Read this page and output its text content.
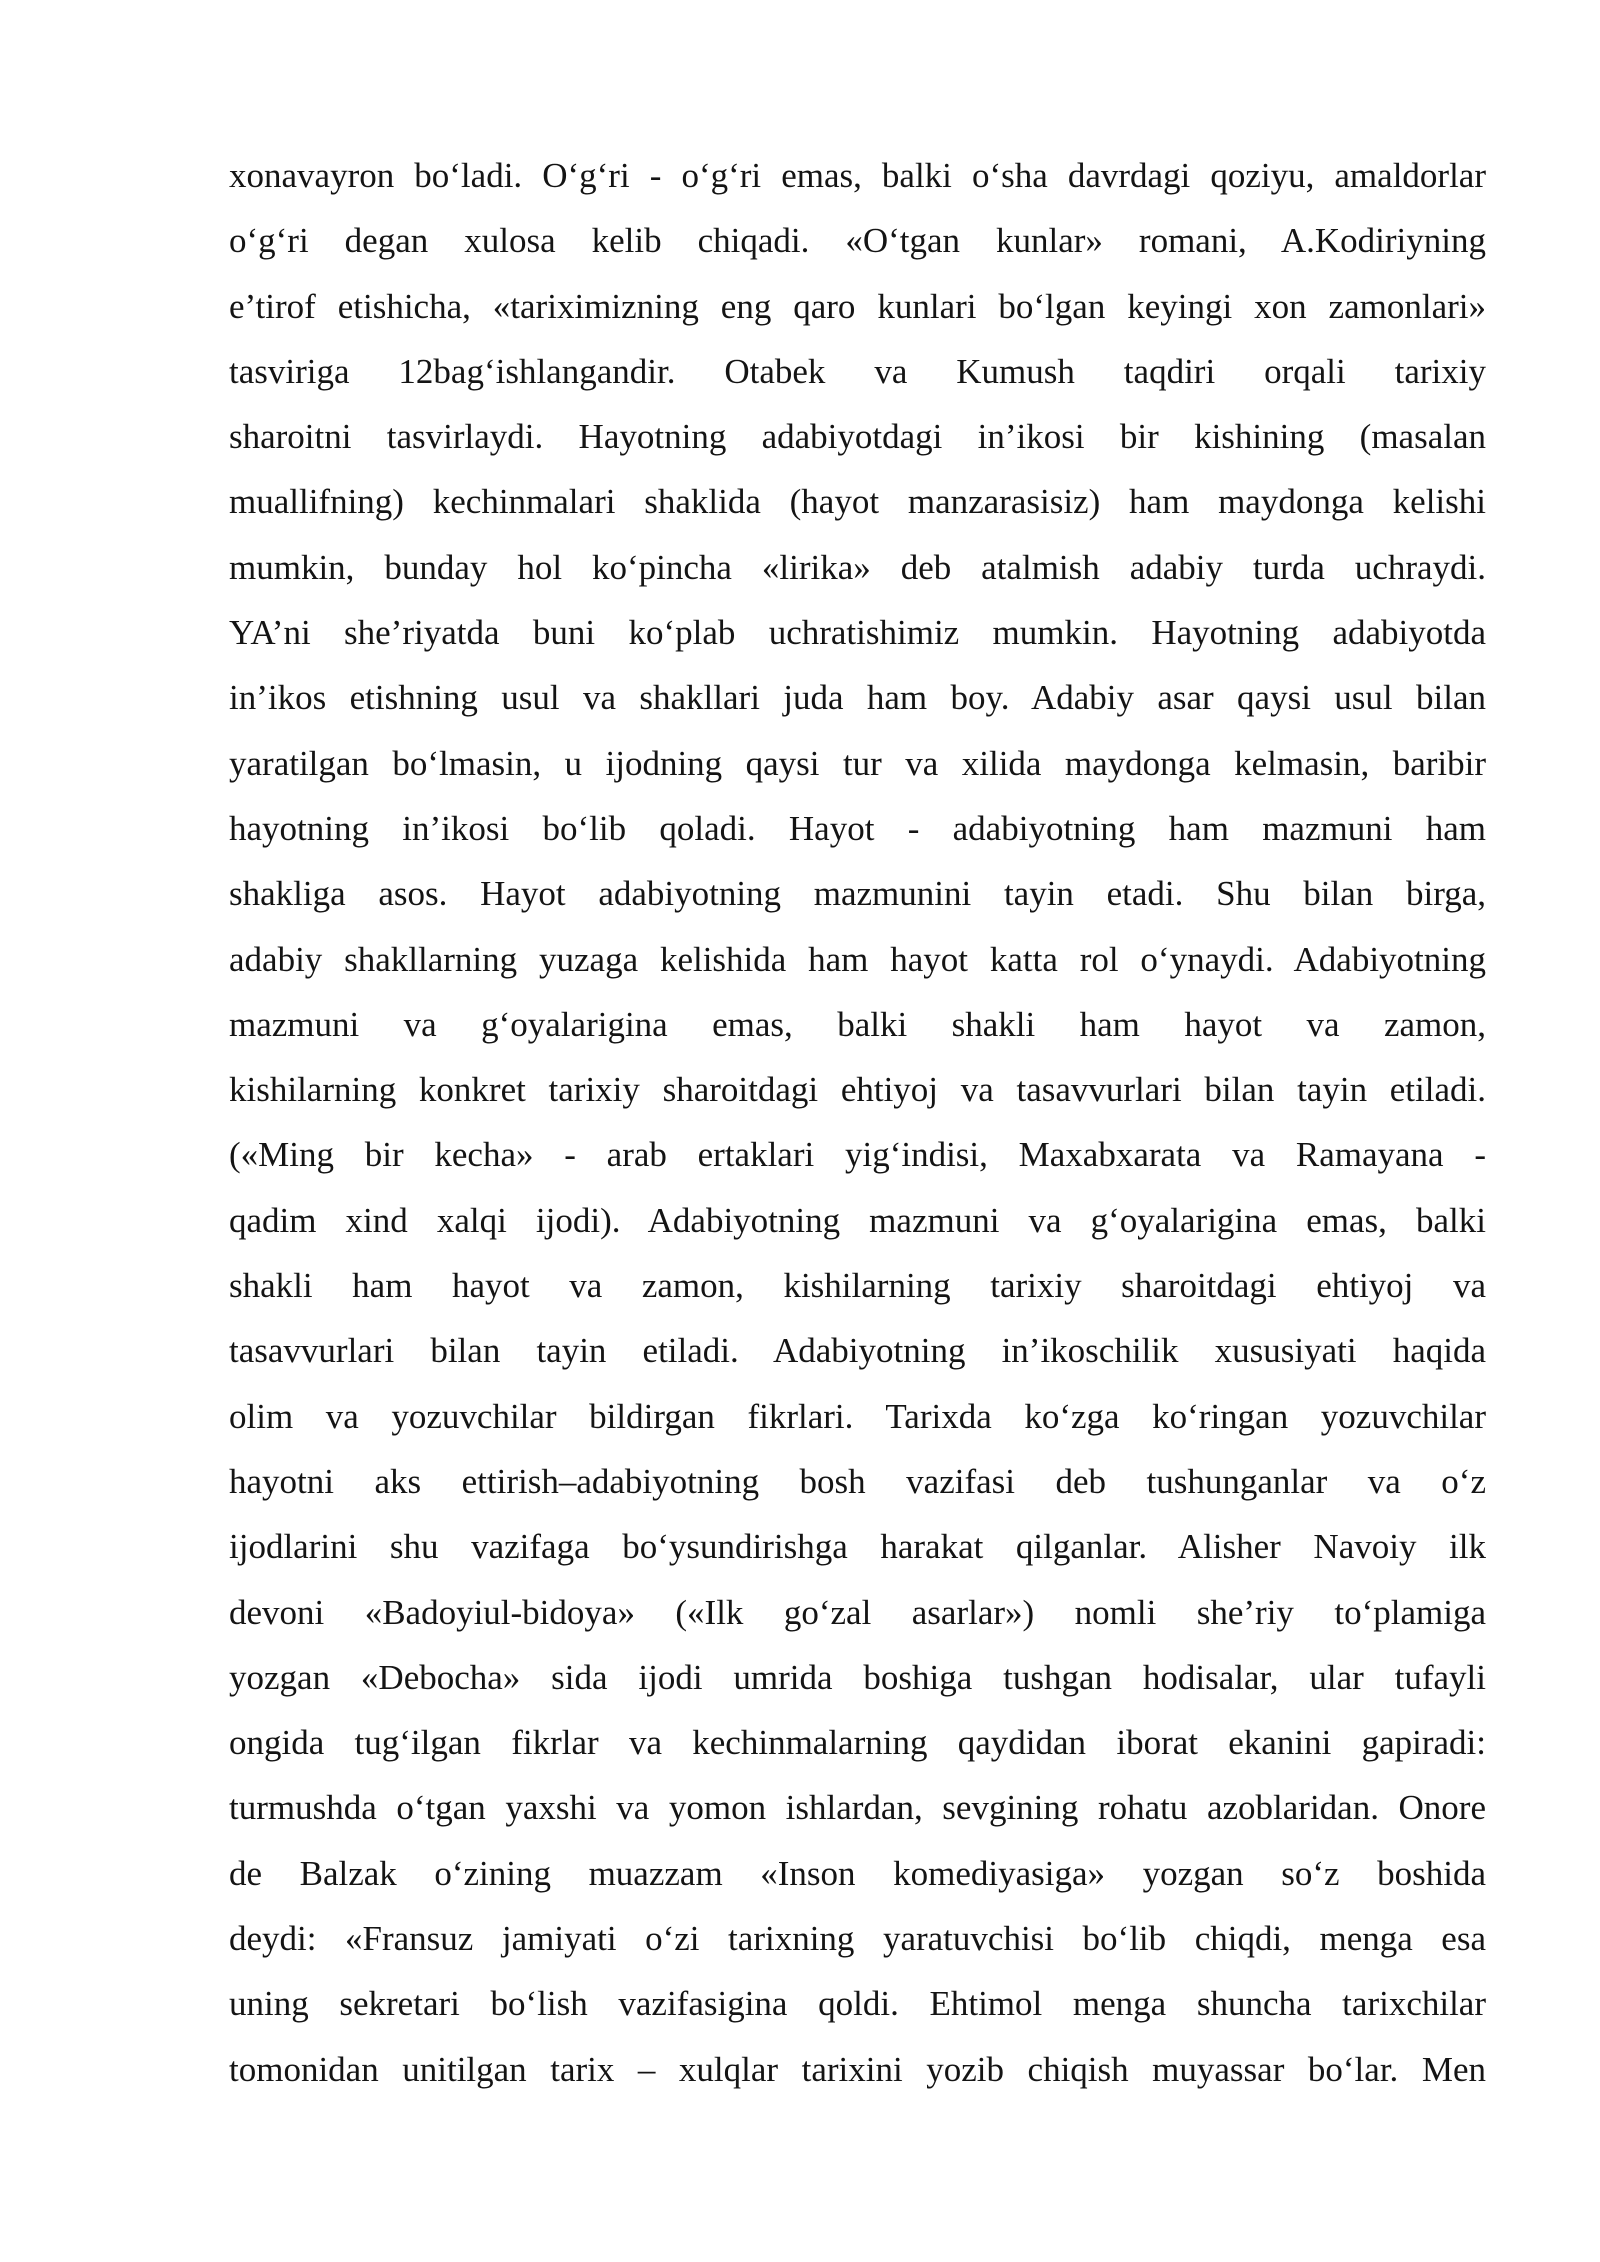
xonavayron bo‘ladi. O‘g‘ri - o‘g‘ri emas, balki o‘sha davrdagi qoziyu, amaldorlar
o‘g‘ri degan xulosa kelib chiqadi. «O‘tgan kunlar» romani, A.Kodiriyning
e’tirof etishicha, «tariximizning eng qaro kunlari bo‘lgan keyingi xon zamonlari»
tasviriga 12bag‘ishlangandir. Otabek va Kumush taqdiri orqali tarixiy
sharoitni tasvirlaydi. Hayotning adabiyotdagi in’ikosi bir kishining (masalan
muallifning) kechinmalari shaklida (hayot manzarasisiz) ham maydonga kelishi
mumkin, bunday hol ko‘pincha «lirika» deb atalmish adabiy turda uchraydi.
YA’ni she’riyatda buni ko‘plab uchratishimiz mumkin. Hayotning adabiyotda
in’ikos etishning usul va shakllari juda ham boy. Adabiy asar qaysi usul bilan
yaratilgan bo‘lmasin, u ijodning qaysi tur va xilida maydonga kelmasin, baribir
hayotning in’ikosi bo‘lib qoladi. Hayot - adabiyotning ham mazmuni ham
shakliga asos. Hayot adabiyotning mazmunini tayin etadi. Shu bilan birga,
adabiy shakllarning yuzaga kelishida ham hayot katta rol o‘ynaydi. Adabiyotning
mazmuni va g‘oyalarigina emas, balki shakli ham hayot va zamon,
kishilarning konkret tarixiy sharoitdagi ehtiyoj va tasavvurlari bilan tayin etiladi.
(«Ming bir kecha» - arab ertaklari yig‘indisi, Maxabxarata va Ramayana -
qadim xind xalqi ijodi). Adabiyotning mazmuni va g‘oyalarigina emas, balki
shakli ham hayot va zamon, kishilarning tarixiy sharoitdagi ehtiyoj va
tasavvurlari bilan tayin etiladi. Adabiyotning in’ikoschilik xususiyati haqida
olim va yozuvchilar bildirgan fikrlari. Tarixda ko‘zga ko‘ringan yozuvchilar
hayotni aks ettirish–adabiyotning bosh vazifasi deb tushunganlar va o‘z
ijodlarini shu vazifaga bo‘ysundirishga harakat qilganlar. Alisher Navoiy ilk
devoni «Badoyiul-bidoya» («Ilk go‘zal asarlar») nomli she’riy to‘plamiga
yozgan «Debocha» sida ijodi umrida boshiga tushgan hodisalar, ular tufayli
ongida tug‘ilgan fikrlar va kechinmalarning qaydidan iborat ekanini gapiradi:
turmushda o‘tgan yaxshi va yomon ishlardan, sevgining rohatu azoblaridan. Onore
de Balzak o‘zining muazzam «Inson komediyasiga» yozgan so‘z boshida
deydi: «Fransuz jamiyati o‘zi tarixning yaratuvchisi bo‘lib chiqdi, menga esa
uning sekretari bo‘lish vazifasigina qoldi. Ehtimol menga shuncha tarixchilar
tomonidan unitilgan tarix – xulqlar tarixini yozib chiqish muyassar bo‘lar. Men
